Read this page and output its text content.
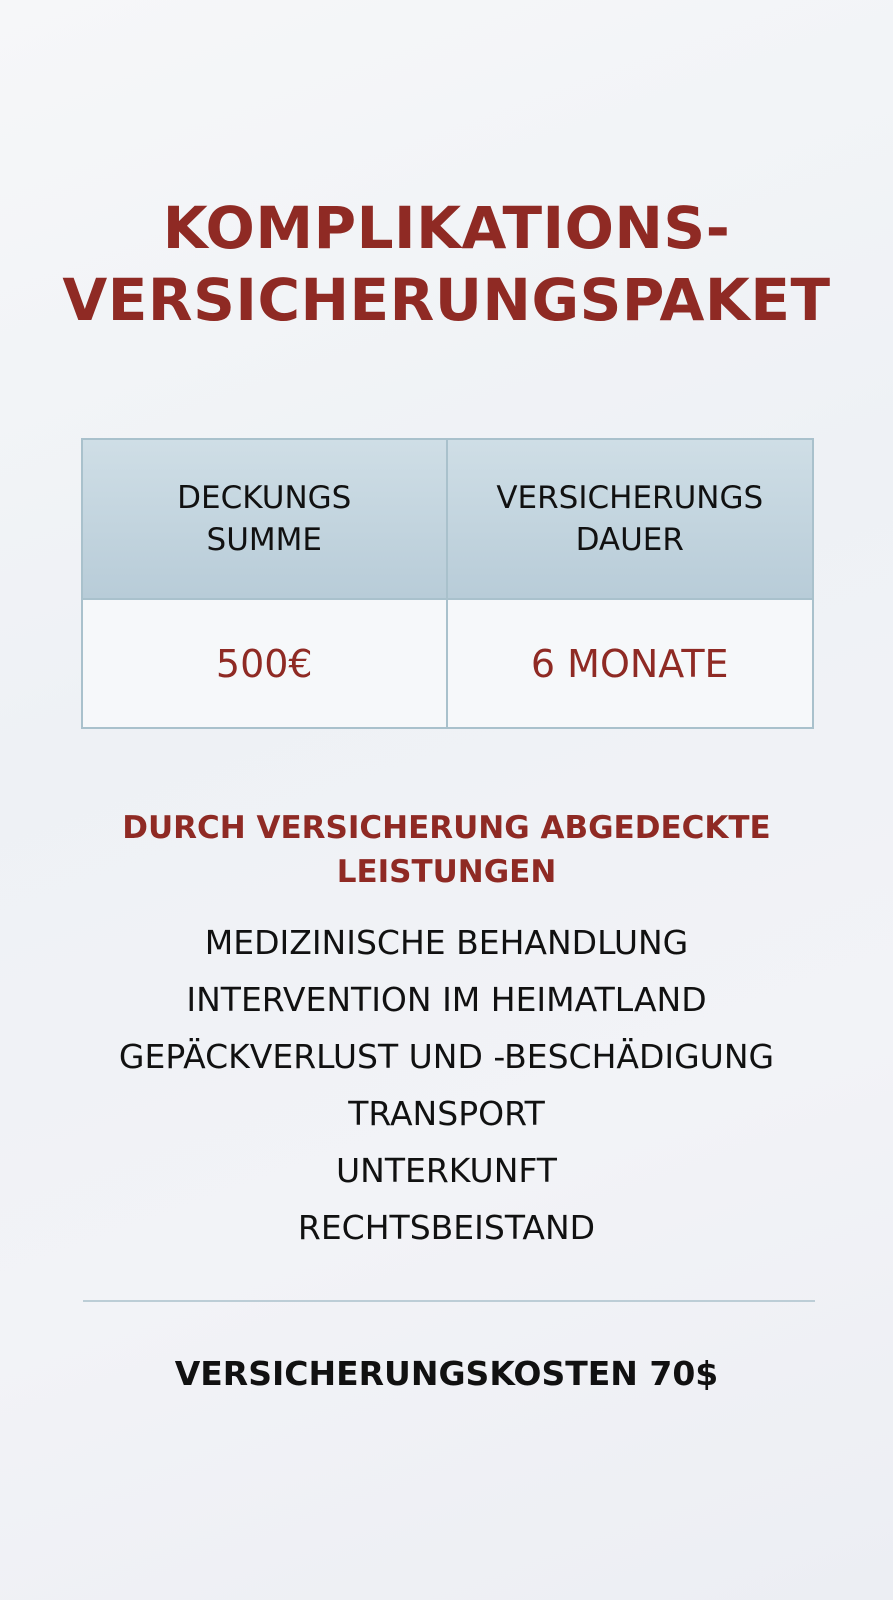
KOMPLIKATIONS-
VERSICHERUNGSPAKET
DECKUNGS
SUMME
VERSICHERUNGS
DAUER
500€	6 MONATE
DURCH VERSICHERUNG ABGEDECKTE
LEISTUNGEN
MEDIZINISCHE BEHANDLUNG
INTERVENTION IM HEIMATLAND
GEPÄCKVERLUST UND -BESCHÄDIGUNG
TRANSPORT
UNTERKUNFT
RECHTSBEISTAND
VERSICHERUNGSKOSTEN 70$
